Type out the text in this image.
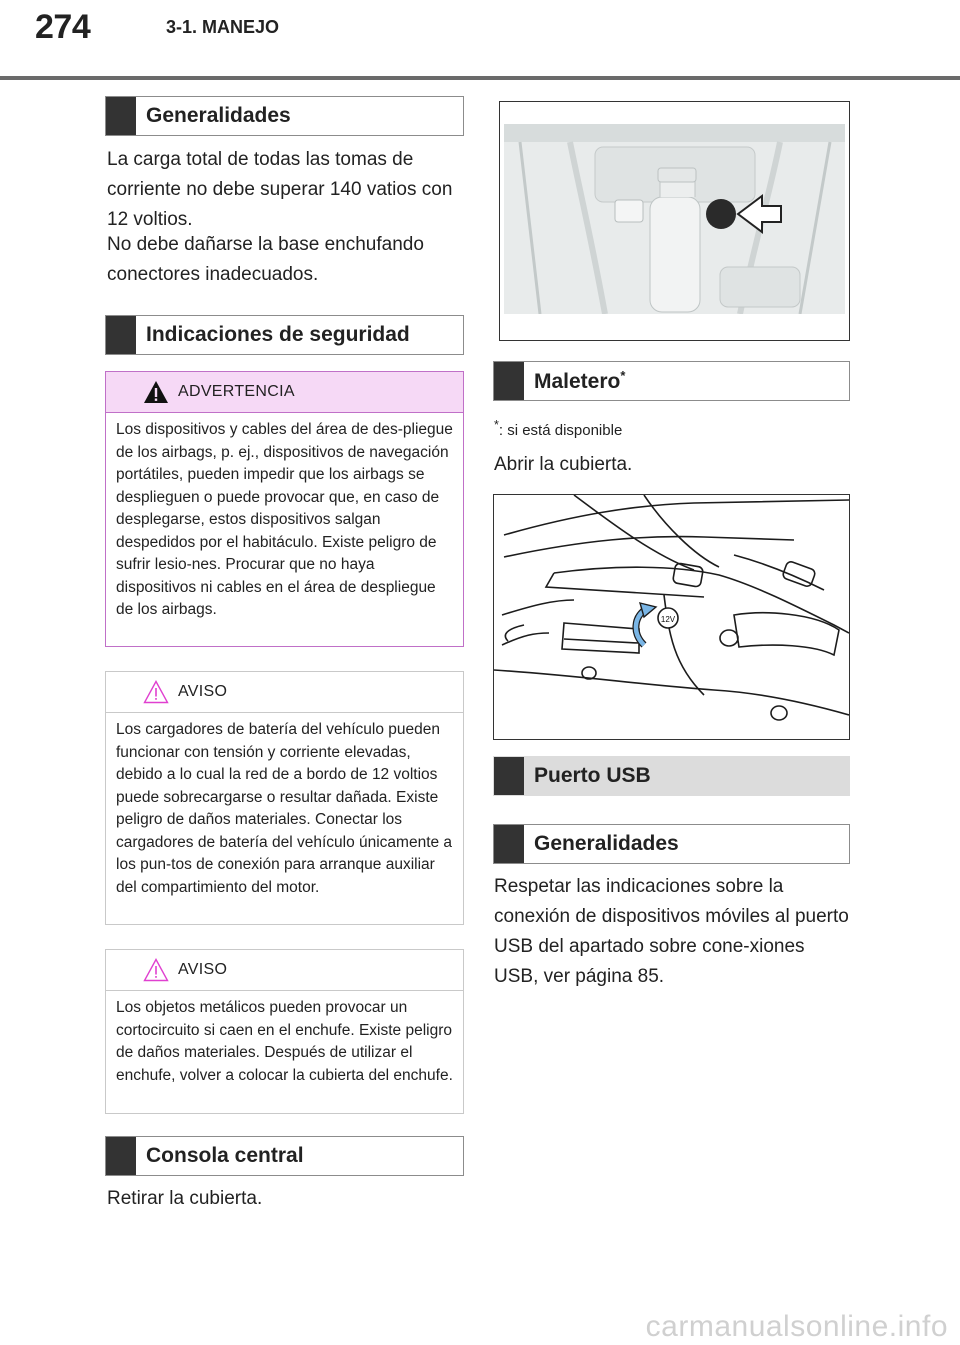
274	3-1. MANEJO
Generalidades

La carga total de todas las tomas de corriente no debe superar 140 vatios con 12 voltios.

No debe dañarse la base enchufando conectores inadecuados.

Indicaciones de seguridad
ADVERTENCIA
Los dispositivos y cables del área de des-pliegue de los airbags, p. ej., dispositivos de navegación portátiles, pueden impedir que los airbags se desplieguen o puede provocar que, en caso de desplegarse, estos dispositivos salgan despedidos por el habitáculo. Existe peligro de sufrir lesio-nes. Procurar que no haya dispositivos ni cables en el área de despliegue de los airbags.
AVISO
Los cargadores de batería del vehículo pueden funcionar con tensión y corriente elevadas, debido a lo cual la red de a bordo de 12 voltios puede sobrecargarse o resultar dañada. Existe peligro de daños materiales. Conectar los cargadores de batería del vehículo únicamente a los pun-tos de conexión para arranque auxiliar del compartimiento del motor.
AVISO
Los objetos metálicos pueden provocar un cortocircuito si caen en el enchufe. Existe peligro de daños materiales. Después de utilizar el enchufe, volver a colocar la cubierta del enchufe.
Consola central

Retirar la cubierta.

Maletero*
*: si está disponible

Abrir la cubierta.

12V
Puerto USB
Generalidades

Respetar las indicaciones sobre la conexión de dispositivos móviles al puerto USB del apartado sobre cone-xiones USB, ver página 85.

carmanualsonline.info
